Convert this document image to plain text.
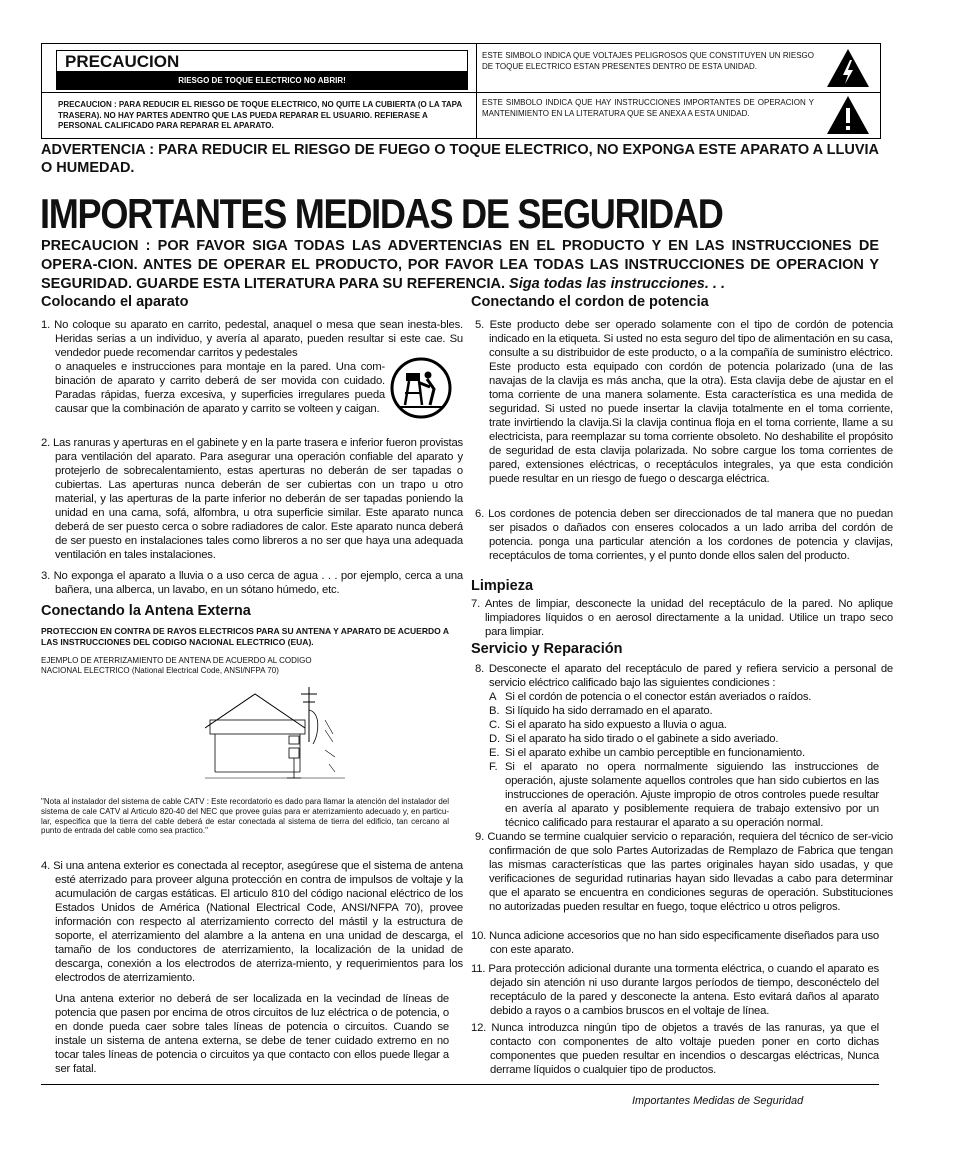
PRECAUCION
RIESGO DE TOQUE ELECTRICO NO ABRIR!
PRECAUCION : PARA REDUCIR EL RIESGO DE TOQUE ELECTRICO, NO QUITE LA CUBIERTA (O LA TAPA TRASERA). NO HAY PARTES ADENTRO QUE LAS PUEDA REPARAR EL USUARIO. REFIERASE A PERSONAL CALIFICADO PARA REPARAR EL APARATO.
ESTE SIMBOLO INDICA QUE VOLTAJES PELIGROSOS QUE CONSTITUYEN UN RIESGO DE TOQUE ELECTRICO ESTAN PRESENTES DENTRO DE ESTA UNIDAD.
ESTE SIMBOLO INDICA QUE HAY INSTRUCCIONES IMPORTANTES DE OPERACION Y MANTENIMIENTO EN LA LITERATURA QUE SE ANEXA A ESTA UNIDAD.
ADVERTENCIA : PARA REDUCIR EL RIESGO DE FUEGO O TOQUE ELECTRICO, NO EXPONGA ESTE APARATO A LLUVIA O HUMEDAD.
IMPORTANTES MEDIDAS DE SEGURIDAD
PRECAUCION : POR FAVOR SIGA TODAS LAS ADVERTENCIAS EN EL PRODUCTO Y EN LAS INSTRUCCIONES DE OPERA-CION. ANTES DE OPERAR EL PRODUCTO, POR FAVOR LEA TODAS LAS INSTRUCCIONES DE OPERACION Y SEGURIDAD. GUARDE ESTA LITERATURA PARA SU REFERENCIA. Siga todas las instrucciones. . .
Colocando el aparato
1. No coloque su aparato en carrito, pedestal, anaquel o mesa que sean inesta-bles. Heridas serias a un individuo, y avería al aparato, pueden resultar si este cae. Su vendedor puede recomendar carritos y pedestales
o anaqueles e instrucciones para montaje en la pared. Una com-binación de aparato y carrito deberá de ser movida con cuidado. Paradas rápidas, fuerza excesiva, y superficies irregulares pueda causar que la combinación de aparato y carrito se volteen y caigan.
2. Las ranuras y aperturas en el gabinete y en la parte trasera e inferior fueron provistas para ventilación del aparato. Para asegurar una operación confiable del aparato y protejerlo de sobrecalentamiento, estas aperturas no deberán de ser tapadas o cubiertas. Las aperturas nunca deberán de ser cubiertas con un trapo u otro material, y las aperturas de la parte inferior no deberán de ser tapadas poniendo la unidad en una cama, sofá, alfombra, u otra superficie similar. Este aparato nunca deberá de ser puesto cerca o sobre radiadores de calor. Este aparato nunca deberá de ser puesto en instalaciones tales como libreros a no ser que haya una adequada ventilación en tales instalaciones.
3. No exponga el aparato a lluvia o a uso cerca de agua . . . por ejemplo, cerca a una bañera, una alberca, un lavabo, en un sótano húmedo, etc.
Conectando la Antena Externa
PROTECCION EN CONTRA DE RAYOS ELECTRICOS PARA SU ANTENA Y APARATO DE ACUERDO A LAS INSTRUCCIONES DEL CODIGO NACIONAL ELECTRICO (EUA).
EJEMPLO DE ATERRIZAMIENTO DE ANTENA DE ACUERDO AL CODIGO
NACIONAL ELECTRICO (National Electrical Code, ANSI/NFPA 70)
"Nota al instalador del sistema de cable CATV : Este recordatorio es dado para llamar la atención del instalador del sistema de cale CATV al Articulo 820-40 del NEC que provee guías para er aterrizamiento adecuado y, en particu-lar, especifica que la tierra del cable deberá de estar conectada al sistema de tierra del edificio, tan cercano al punto de entrada del cable como sea practico."
4. Si una antena exterior es conectada al receptor, asegúrese que el sistema de antena esté aterrizado para proveer alguna protección en contra de impulsos de voltaje y la acumulación de cargas estáticas. El articulo 810 del código nacional eléctrico de los Estados Unidos de América (National Electrical Code, ANSI/NFPA 70), provee información con respecto al aterrizamiento correcto del mástil y la estructura de soporte, el aterrizamiento del alambre a la antena en una unidad de descarga, el tamaño de los conductores de aterrizamiento, la localización de la unidad de descarga, conexión a los electrodos de aterriza-miento, y requerimientos para los electrodos de aterrizamiento.
Una antena exterior no deberá de ser localizada en la vecindad de líneas de potencia que pasen por encima de otros circuitos de luz eléctrica o de potencia, o en donde pueda caer sobre tales líneas de potencia o circuitos. Cuando se instale un sistema de antena externa, se debe de tener cuidado extremo en no tocar tales líneas de potencia o circuitos ya que contacto con ellos puede llegar a ser fatal.
Conectando el cordon de potencia
5. Este producto debe ser operado solamente con el tipo de cordón de potencia indicado en la etiqueta. Si usted no esta seguro del tipo de alimentación en su casa, consulte a su distribuidor de este producto, o a la compañía de suministro eléctrico. Este producto esta equipado con cordón de potencia polarizado (una de las navajas de la clavija es más ancha, que la otra). Esta clavija debe de ajustar en el toma corriente de una manera solamente. Esta característica es una medida de seguridad. Si usted no puede insertar la clavija totalmente en el toma corriente, trate invirtiendo la clavija.Si la clavija continua floja en el toma corriente, llame a su electricista, para reemplazar su toma corriente obsoleto. No deshabilite el propósito de seguridad de esta clavija polarizada. No sobre cargue los toma corrientes de pared, extensiones eléctricas, o receptáculos integrales, ya que esta condición puede resultar en un riesgo de fuego o descarga eléctrica.
6. Los cordones de potencia deben ser direccionados de tal manera que no puedan ser pisados o dañados con enseres colocados a un lado arriba del cordón de potencia. ponga una particular atención a los cordones de potencia y clavijas, receptáculos de toma corrientes, y el punto donde ellos salen del producto.
Limpieza
7. Antes de limpiar, desconecte la unidad del receptáculo de la pared. No aplique limpiadores líquidos o en aerosol directamente a la unidad. Utilice un trapo seco para limpiar.
Servicio y Reparación
8. Desconecte el aparato del receptáculo de pared y refiera servicio a personal de servicio eléctrico calificado bajo las siguientes condiciones :
A Si el cordón de potencia o el conector están averiados o raídos.
B. Si líquido ha sido derramado en el aparato.
C. Si el aparato ha sido expuesto a lluvia o agua.
D. Si el aparato ha sido tirado o el gabinete a sido averiado.
E. Si el aparato exhibe un cambio perceptible en funcionamiento.
F. Si el aparato no opera normalmente siguiendo las instrucciones de operación, ajuste solamente aquellos controles que han sido cubiertos en las instrucciones de operación. Ajuste impropio de otros controles puede resultar en avería al aparato y posiblemente requiera de trabajo extensivo por un técnico calificado para restaurar el aparato a su operación normal.
9. Cuando se termine cualquier servicio o reparación, requiera del técnico de ser-vicio confirmación de que solo Partes Autorizadas de Remplazo de Fabrica que tengan las mismas características que las partes originales hayan sido usadas, y que verificaciones de seguridad rutinarias hayan sido llevadas a cabo para determinar que el aparato se encuentra en condiciones seguras de operación. Substituciones no autorizadas pueden resultar en fuego, toque eléctrico u otros peligros.
10. Nunca adicione accesorios que no han sido especificamente diseñados para uso con este aparato.
11. Para protección adicional durante una tormenta eléctrica, o cuando el aparato es dejado sin atención ni uso durante largos períodos de tiempo, desconéctelo del receptáculo de la pared y desconecte la antena. Esto evitará daños al aparato debido a rayos o a cambios bruscos en el voltaje de línea.
12. Nunca introduzca ningún tipo de objetos a través de las ranuras, ya que el contacto con componentes de alto voltaje pueden poner en corto dichas componentes que pueden resultar en incendios o descargas eléctricas, Nunca derrame líquidos o cualquier tipo de productos.
Importantes Medidas de Seguridad
